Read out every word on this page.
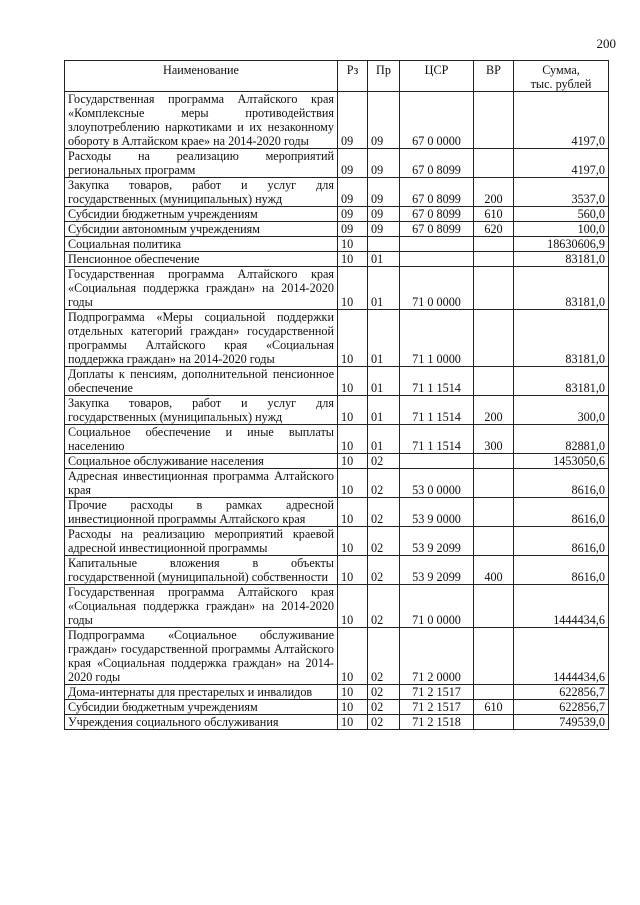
200
Наименование	Рз	Пр	ЦСР	ВР	Сумма,
тыс. рублей

Государственная программа Алтайского края «Комплексные меры противодействия злоупотреблению наркотиками и их незаконному обороту в Алтайском крае» на 2014-2020 годы	09	09	67 0 0000		4197,0
Расходы на реализацию мероприятий региональных программ	09	09	67 0 8099		4197,0
Закупка товаров, работ и услуг для государственных (муниципальных) нужд	09	09	67 0 8099	200	3537,0
Субсидии бюджетным учреждениям	09	09	67 0 8099	610	560,0
Субсидии автономным учреждениям	09	09	67 0 8099	620	100,0
Социальная политика	10				18630606,9
Пенсионное обеспечение	10	01			83181,0
Государственная программа Алтайского края «Социальная поддержка граждан» на 2014-2020 годы	10	01	71 0 0000		83181,0
Подпрограмма «Меры социальной поддержки отдельных категорий граждан» государственной программы Алтайского края «Социальная поддержка граждан» на 2014-2020 годы	10	01	71 1 0000		83181,0
Доплаты к пенсиям, дополнительной пенсионное обеспечение	10	01	71 1 1514		83181,0
Закупка товаров, работ и услуг для государственных (муниципальных) нужд	10	01	71 1 1514	200	300,0
Социальное обеспечение и иные выплаты населению	10	01	71 1 1514	300	82881,0
Социальное обслуживание населения	10	02			1453050,6
Адресная инвестиционная программа Алтайского края	10	02	53 0 0000		8616,0
Прочие расходы в рамках адресной инвестиционной программы Алтайского края	10	02	53 9 0000		8616,0
Расходы на реализацию мероприятий краевой адресной инвестиционной программы	10	02	53 9 2099		8616,0
Капитальные вложения в объекты государственной (муниципальной) собственности	10	02	53 9 2099	400	8616,0
Государственная программа Алтайского края «Социальная поддержка граждан» на 2014-2020 годы	10	02	71 0 0000		1444434,6
Подпрограмма «Социальное обслуживание граждан» государственной программы Алтайского края «Социальная поддержка граждан» на 2014-2020 годы	10	02	71 2 0000		1444434,6
Дома-интернаты для престарелых и инвалидов	10	02	71 2 1517		622856,7
Субсидии бюджетным учреждениям	10	02	71 2 1517	610	622856,7
Учреждения социального обслуживания	10	02	71 2 1518		749539,0
